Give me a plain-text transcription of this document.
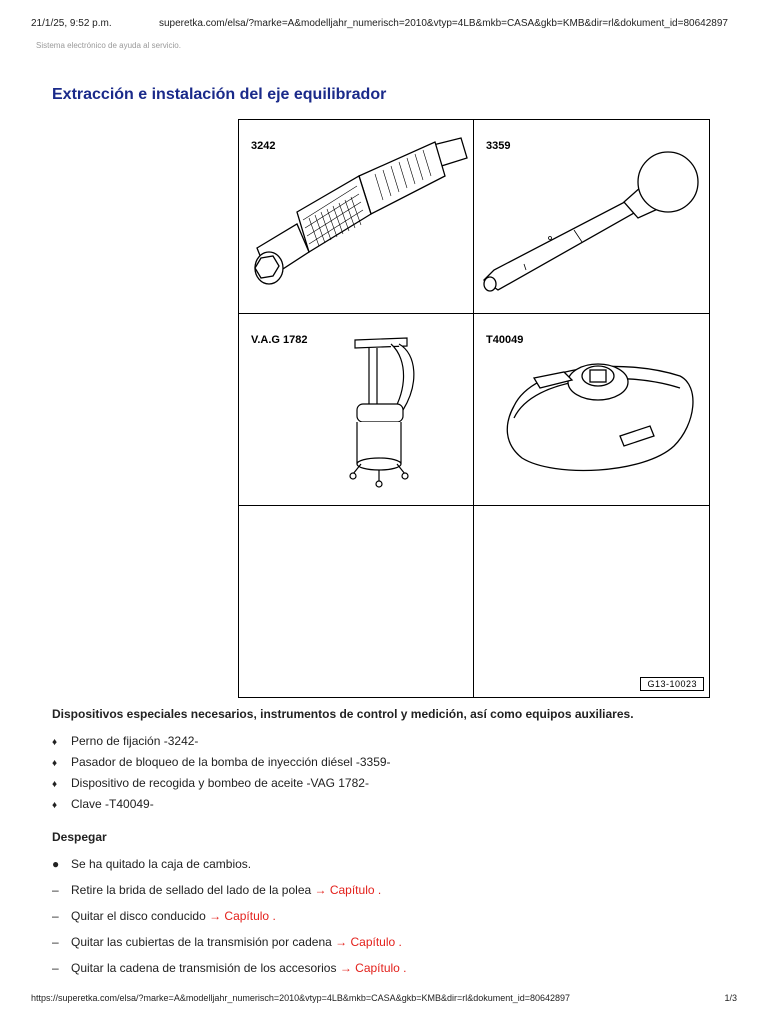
21/1/25, 9:52 p.m.	superetka.com/elsa/?marke=A&modelljahr_numerisch=2010&vtyp=4LB&mkb=CASA&gkb=KMB&dir=rl&dokument_id=80642897
Sistema electrónico de ayuda al servicio.
Extracción e instalación del eje equilibrador
3242	3359
V.A.G 1782	T40049
G13-10023
Dispositivos especiales necesarios, instrumentos de control y medición, así como equipos auxiliares.
♦ Perno de fijación -3242-
♦ Pasador de bloqueo de la bomba de inyección diésel -3359-
♦ Dispositivo de recogida y bombeo de aceite -VAG 1782-
♦ Clave -T40049-
Despegar
● Se ha quitado la caja de cambios.
– Retire la brida de sellado del lado de la polea → Capítulo .
– Quitar el disco conducido → Capítulo .
– Quitar las cubiertas de la transmisión por cadena → Capítulo .
– Quitar la cadena de transmisión de los accesorios → Capítulo .
https://superetka.com/elsa/?marke=A&modelljahr_numerisch=2010&vtyp=4LB&mkb=CASA&gkb=KMB&dir=rl&dokument_id=80642897	1/3
